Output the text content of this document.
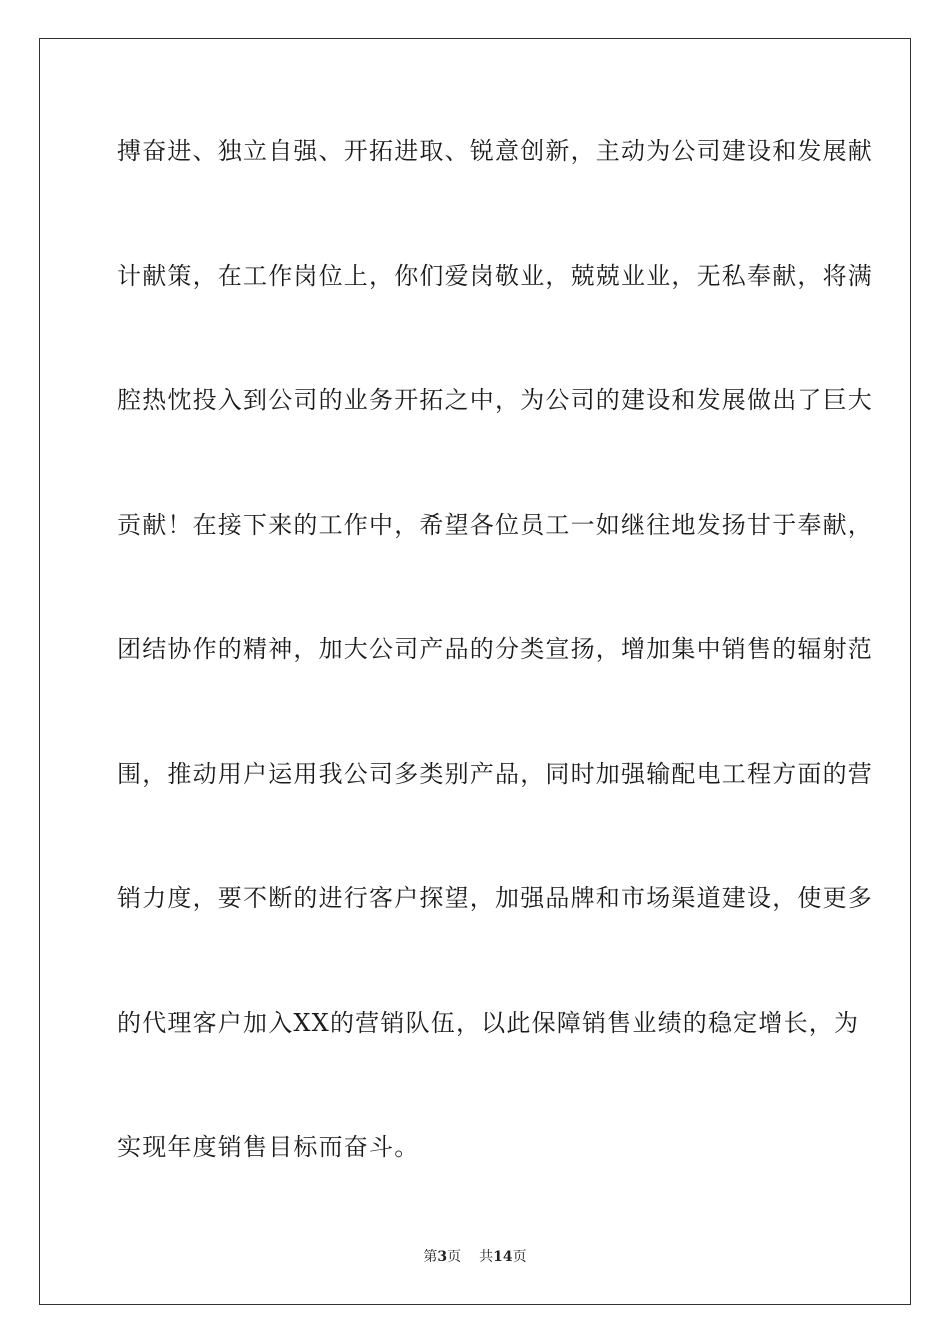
搏奋进、独立自强、开拓进取、锐意创新，主动为公司建设和发展献
计献策，在工作岗位上，你们爱岗敬业，兢兢业业，无私奉献，将满
腔热忱投入到公司的业务开拓之中，为公司的建设和发展做出了巨大
贡献！在接下来的工作中，希望各位员工一如继往地发扬甘于奉献，
团结协作的精神，加大公司产品的分类宣扬，增加集中销售的辐射范
围，推动用户运用我公司多类别产品，同时加强输配电工程方面的营
销力度，要不断的进行客户探望，加强品牌和市场渠道建设，使更多
的代理客户加入XX的营销队伍，以此保障销售业绩的稳定增长，为
实现年度销售目标而奋斗。
第3页 共14页
